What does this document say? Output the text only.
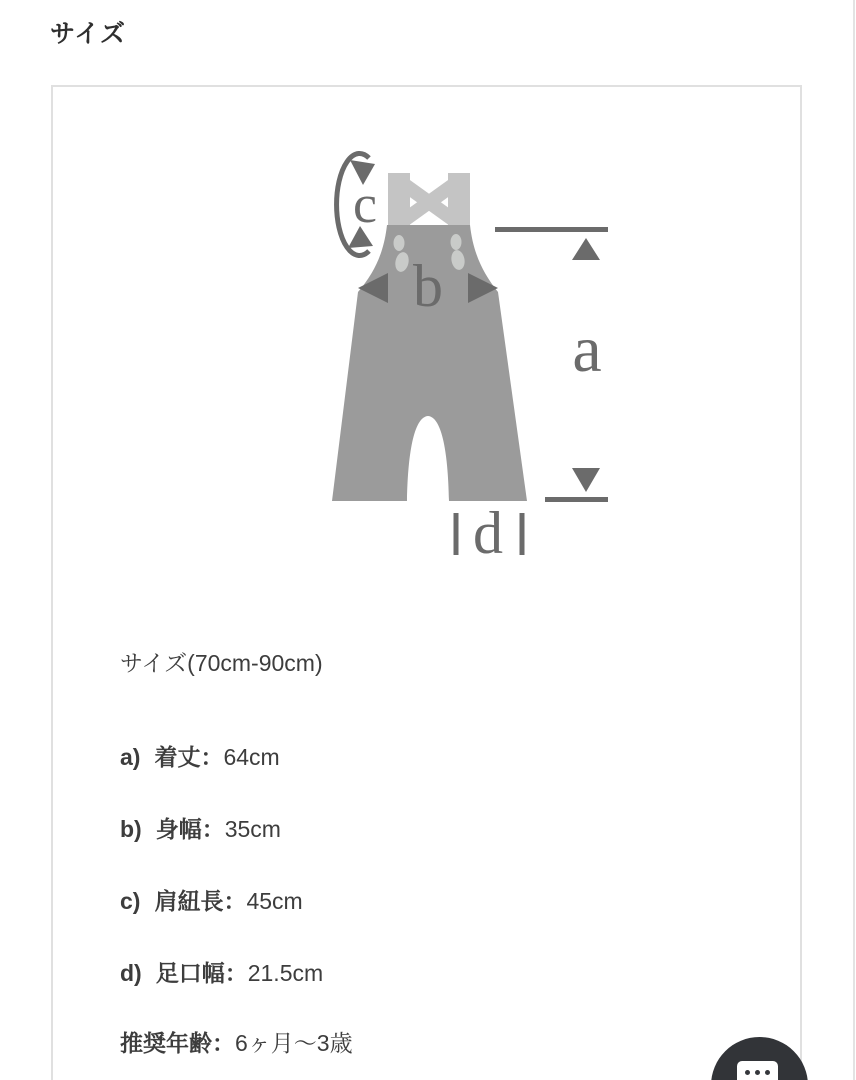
サイズ
c
b
a
d
サイズ(70cm-90cm)
a) 着丈：64cm
b) 身幅：35cm
c) 肩紐長：45cm
d) 足口幅：21.5cm
推奨年齢：6ヶ月～3歳
